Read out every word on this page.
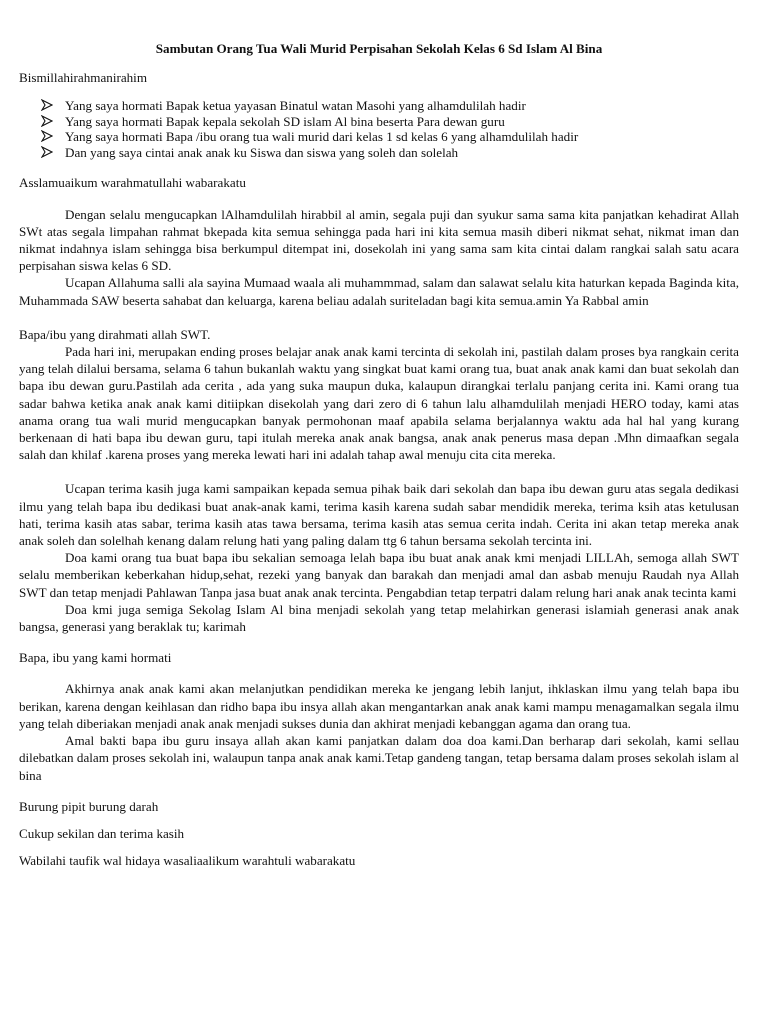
Sambutan Orang Tua Wali Murid Perpisahan Sekolah Kelas 6 Sd Islam Al Bina

Bismillahirahmanirahim

Yang saya hormati Bapak ketua yayasan Binatul watan Masohi yang alhamdulilah hadir
Yang saya hormati Bapak kepala sekolah SD islam Al bina beserta Para dewan guru
Yang saya hormati Bapa /ibu orang tua wali murid dari kelas 1 sd kelas 6 yang alhamdulilah hadir
Dan yang saya cintai anak anak ku Siswa dan siswa yang soleh dan solelah

Asslamuaikum warahmatullahi wabarakatu

Dengan selalu mengucapkan lAlhamdulilah hirabbil al amin, segala puji dan syukur sama sama kita panjatkan kehadirat Allah SWt atas segala limpahan rahmat bkepada kita semua sehingga pada hari ini kita semua masih diberi nikmat sehat, nikmat iman dan nikmat indahnya islam sehingga bisa berkumpul ditempat ini, dosekolah ini yang sama sam kita cintai dalam rangkai salah satu acara perpisahan siswa kelas 6 SD.

Ucapan Allahuma salli ala sayina Mumaad waala ali muhammmad, salam dan salawat selalu kita haturkan kepada Baginda kita, Muhammada SAW beserta sahabat dan keluarga, karena beliau adalah suriteladan bagi kita semua.amin Ya Rabbal amin

Bapa/ibu yang dirahmati allah SWT.

Pada hari ini, merupakan ending proses belajar anak anak kami tercinta di sekolah ini, pastilah dalam proses bya rangkain cerita yang telah dilalui bersama, selama 6 tahun bukanlah waktu yang singkat buat kami orang tua, buat anak anak kami dan buat sekolah dan bapa ibu dewan guru.Pastilah ada cerita , ada yang suka maupun duka, kalaupun dirangkai terlalu panjang cerita ini. Kami orang tua sadar bahwa ketika anak anak kami ditiipkan disekolah yang dari zero di 6 tahun lalu alhamdulilah menjadi HERO today, kami atas anama orang tua wali murid mengucapkan banyak permohonan maaf apabila selama berjalannya waktu ada hal hal yang kurang berkenaan di hati bapa ibu dewan guru, tapi itulah mereka anak anak bangsa, anak anak penerus masa depan .Mhn dimaafkan segala salah dan khilaf .karena proses yang mereka lewati hari ini adalah tahap awal menuju cita cita mereka.

Ucapan terima kasih juga kami sampaikan kepada semua pihak baik dari sekolah dan bapa ibu dewan guru atas segala dedikasi ilmu yang telah bapa ibu dedikasi buat anak-anak kami, terima kasih karena sudah sabar mendidik mereka, terima ksih atas ketulusan hati, terima kasih atas sabar, terima kasih atas tawa bersama, terima kasih atas semua cerita indah. Cerita ini akan tetap mereka anak anak soleh dan solelhah kenang dalam relung hati yang paling dalam ttg 6 tahun bersama sekolah tercinta ini.

Doa kami orang tua buat bapa ibu sekalian semoaga lelah bapa ibu buat anak anak kmi menjadi LILLAh, semoga allah SWT selalu memberikan keberkahan hidup,sehat, rezeki yang banyak dan barakah dan menjadi amal dan asbab menuju Raudah nya Allah SWT dan tetap menjadi Pahlawan Tanpa jasa buat anak anak tercinta. Pengabdian tetap terpatri dalam relung hari anak anak tecinta kami

Doa kmi juga semiga Sekolag Islam Al bina menjadi sekolah yang tetap melahirkan generasi islamiah generasi anak anak bangsa, generasi yang beraklak tu; karimah

Bapa, ibu yang kami hormati

Akhirnya anak anak kami akan melanjutkan pendidikan mereka ke jengang lebih lanjut, ihklaskan ilmu yang telah bapa ibu berikan, karena dengan keihlasan dan ridho bapa ibu insya allah akan mengantarkan anak anak kami mampu menagamalkan segala ilmu yang telah diberiakan menjadi anak anak menjadi sukses dunia dan akhirat menjadi kebanggan agama dan orang tua.

Amal bakti bapa ibu guru insaya allah akan kami panjatkan dalam doa doa kami.Dan berharap dari sekolah, kami sellau dilebatkan dalam proses sekolah ini, walaupun tanpa anak anak kami.Tetap gandeng tangan, tetap bersama dalam proses sekolah islam al bina

Burung pipit burung darah

Cukup sekilan dan terima kasih

Wabilahi taufik wal hidaya wasaliaalikum warahtuli wabarakatu
